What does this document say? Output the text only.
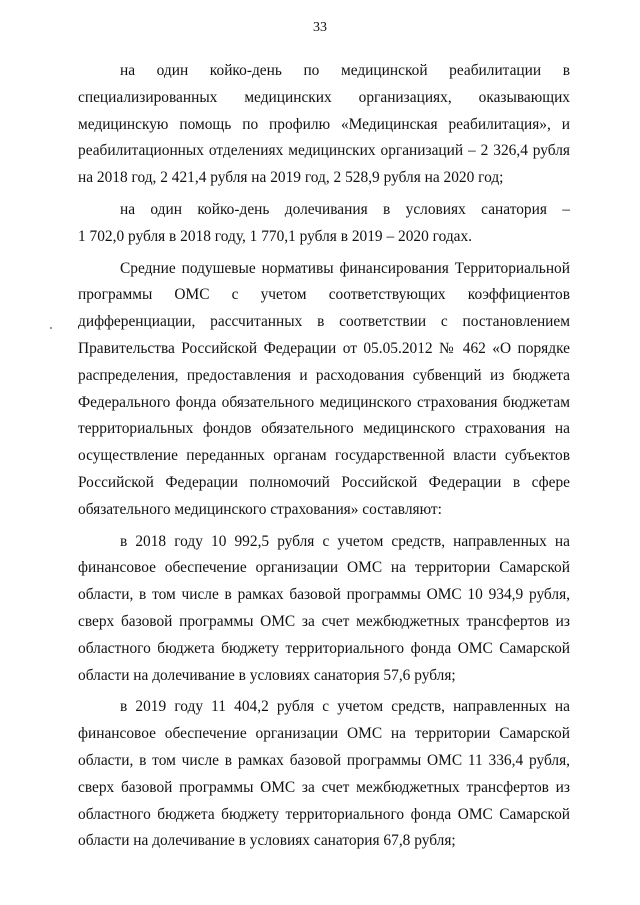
33

на один койко-день по медицинской реабилитации в
специализированных медицинских организациях, оказывающих
медицинскую помощь по профилю «Медицинская реабилитация», и
реабилитационных отделениях медицинских организаций – 2 326,4 рубля
на 2018 год, 2 421,4 рубля на 2019 год, 2 528,9 рубля на 2020 год;

на один койко-день долечивания в условиях санатория –
1 702,0 рубля в 2018 году, 1 770,1 рубля в 2019 – 2020 годах.

Средние подушевые нормативы финансирования Территориальной
программы ОМС с учетом соответствующих коэффициентов
дифференциации, рассчитанных в соответствии с постановлением
Правительства Российской Федерации от 05.05.2012 № 462 «О порядке
распределения, предоставления и расходования субвенций из бюджета
Федерального фонда обязательного медицинского страхования бюджетам
территориальных фондов обязательного медицинского страхования на
осуществление переданных органам государственной власти субъектов
Российской Федерации полномочий Российской Федерации в сфере
обязательного медицинского страхования» составляют:

в 2018 году 10 992,5 рубля с учетом средств, направленных на
финансовое обеспечение организации ОМС на территории Самарской
области, в том числе в рамках базовой программы ОМС 10 934,9 рубля,
сверх базовой программы ОМС за счет межбюджетных трансфертов из
областного бюджета бюджету территориального фонда ОМС Самарской
области на долечивание в условиях санатория 57,6 рубля;

в 2019 году 11 404,2 рубля с учетом средств, направленных на
финансовое обеспечение организации ОМС на территории Самарской
области, в том числе в рамках базовой программы ОМС 11 336,4 рубля,
сверх базовой программы ОМС за счет межбюджетных трансфертов из
областного бюджета бюджету территориального фонда ОМС Самарской
области на долечивание в условиях санатория 67,8 рубля;
